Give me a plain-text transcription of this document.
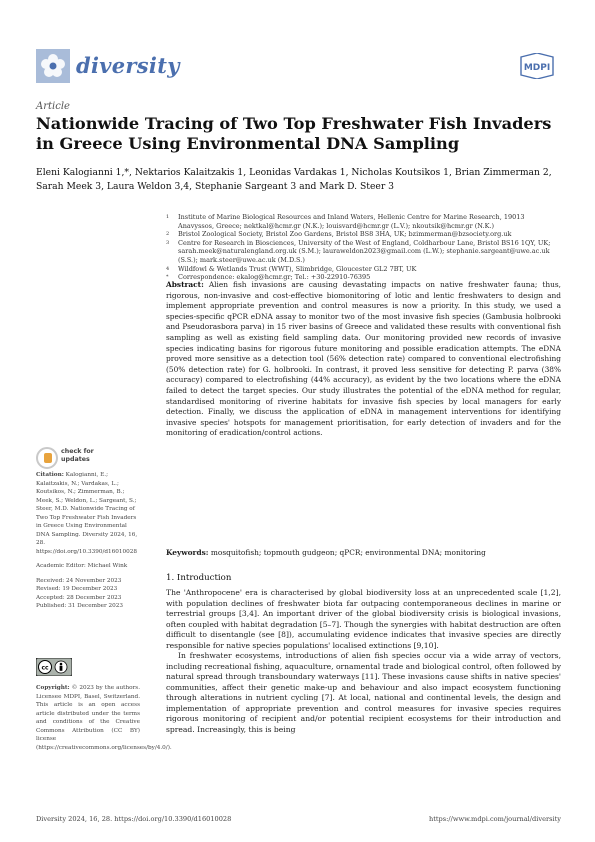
diversity	MDPI
Article
Nationwide Tracing of Two Top Freshwater Fish Invaders in Greece Using Environmental DNA Sampling
Eleni Kalogianni 1,*, Nektarios Kalaitzakis 1, Leonidas Vardakas 1, Nicholas Koutsikos 1, Brian Zimmerman 2,
Sarah Meek 3, Laura Weldon 3,4, Stephanie Sargeant 3 and Mark D. Steer 3
1	Institute of Marine Biological Resources and Inland Waters, Hellenic Centre for Marine Research, 19013 Anavyssos, Greece; nektkal@hcmr.gr (N.K.); louisvard@hcmr.gr (L.V.); nkoutsik@hcmr.gr (N.K.)
2	Bristol Zoological Society, Bristol Zoo Gardens, Bristol BS8 3HA, UK; bzimmerman@bzsociety.org.uk
3	Centre for Research in Biosciences, University of the West of England, Coldharbour Lane, Bristol BS16 1QY, UK; sarah.meek@naturalengland.org.uk (S.M.); lauraweldon2023@gmail.com (L.W.); stephanie.sargeant@uwe.ac.uk (S.S.); mark.steer@uwe.ac.uk (M.D.S.)
4	Wildfowl & Wetlands Trust (WWT), Slimbridge, Gloucester GL2 7BT, UK
*	Correspondence: ekalog@hcmr.gr; Tel.: +30-22910-76395
Abstract: Alien fish invasions are causing devastating impacts on native freshwater fauna; thus, rigorous, non-invasive and cost-effective biomonitoring of lotic and lentic freshwaters to design and implement appropriate prevention and control measures is now a priority. In this study, we used a species-specific qPCR eDNA assay to monitor two of the most invasive fish species (Gambusia holbrooki and Pseudorasbora parva) in 15 river basins of Greece and validated these results with conventional fish sampling as well as existing field sampling data. Our monitoring provided new records of invasive species indicating basins for rigorous future monitoring and possible eradication attempts. The eDNA proved more sensitive as a detection tool (56% detection rate) compared to conventional electrofishing (50% detection rate) for G. holbrooki. In contrast, it proved less sensitive for detecting P. parva (38% accuracy) compared to electrofishing (44% accuracy), as evident by the two locations where the eDNA failed to detect the target species. Our study illustrates the potential of the eDNA method for regular, standardised monitoring of riverine habitats for invasive fish species by local managers for early detection. Finally, we discuss the application of eDNA in management interventions for identifying invasive species' hotspots for management prioritisation, for early detection of invaders and for the monitoring of eradication/control actions.
Keywords: mosquitofish; topmouth gudgeon; qPCR; environmental DNA; monitoring
check for
updates

Citation: Kalogianni, E.; Kalaitzakis, N.; Vardakas, L.; Koutsikos, N.; Zimmerman, B.; Meek, S.; Weldon, L.; Sargeant, S.; Steer, M.D. Nationwide Tracing of Two Top Freshwater Fish Invaders in Greece Using Environmental DNA Sampling. Diversity 2024, 16, 28. https://doi.org/10.3390/d16010028

Academic Editor: Michael Wink

Received: 24 November 2023
Revised: 19 December 2023
Accepted: 28 December 2023
Published: 31 December 2023
cc
Copyright: © 2023 by the authors. Licensee MDPI, Basel, Switzerland. This article is an open access article distributed under the terms and conditions of the Creative Commons Attribution (CC BY) license (https://creativecommons.org/licenses/by/4.0/).
1. Introduction

The 'Anthropocene' era is characterised by global biodiversity loss at an unprecedented scale [1,2], with population declines of freshwater biota far outpacing contemporaneous declines in marine or terrestrial groups [3,4]. An important driver of the global biodiversity crisis is biological invasions, often coupled with habitat degradation [5–7]. Though the synergies with habitat destruction are often difficult to disentangle (see [8]), accumulating evidence indicates that invasive species are directly responsible for native species populations' localised extinctions [9,10].

In freshwater ecosystems, introductions of alien fish species occur via a wide array of vectors, including recreational fishing, aquaculture, ornamental trade and biological control, often followed by natural spread through transboundary waterways [11]. These invasions cause shifts in native species' communities, affect their genetic make-up and behaviour and also impact ecosystem functioning through alterations in nutrient cycling [7]. At local, national and continental levels, the design and implementation of appropriate prevention and control measures for invasive species requires rigorous monitoring of recipient and/or potential recipient ecosystems for their introduction and spread. Increasingly, this is being

Diversity 2024, 16, 28. https://doi.org/10.3390/d16010028	https://www.mdpi.com/journal/diversity
